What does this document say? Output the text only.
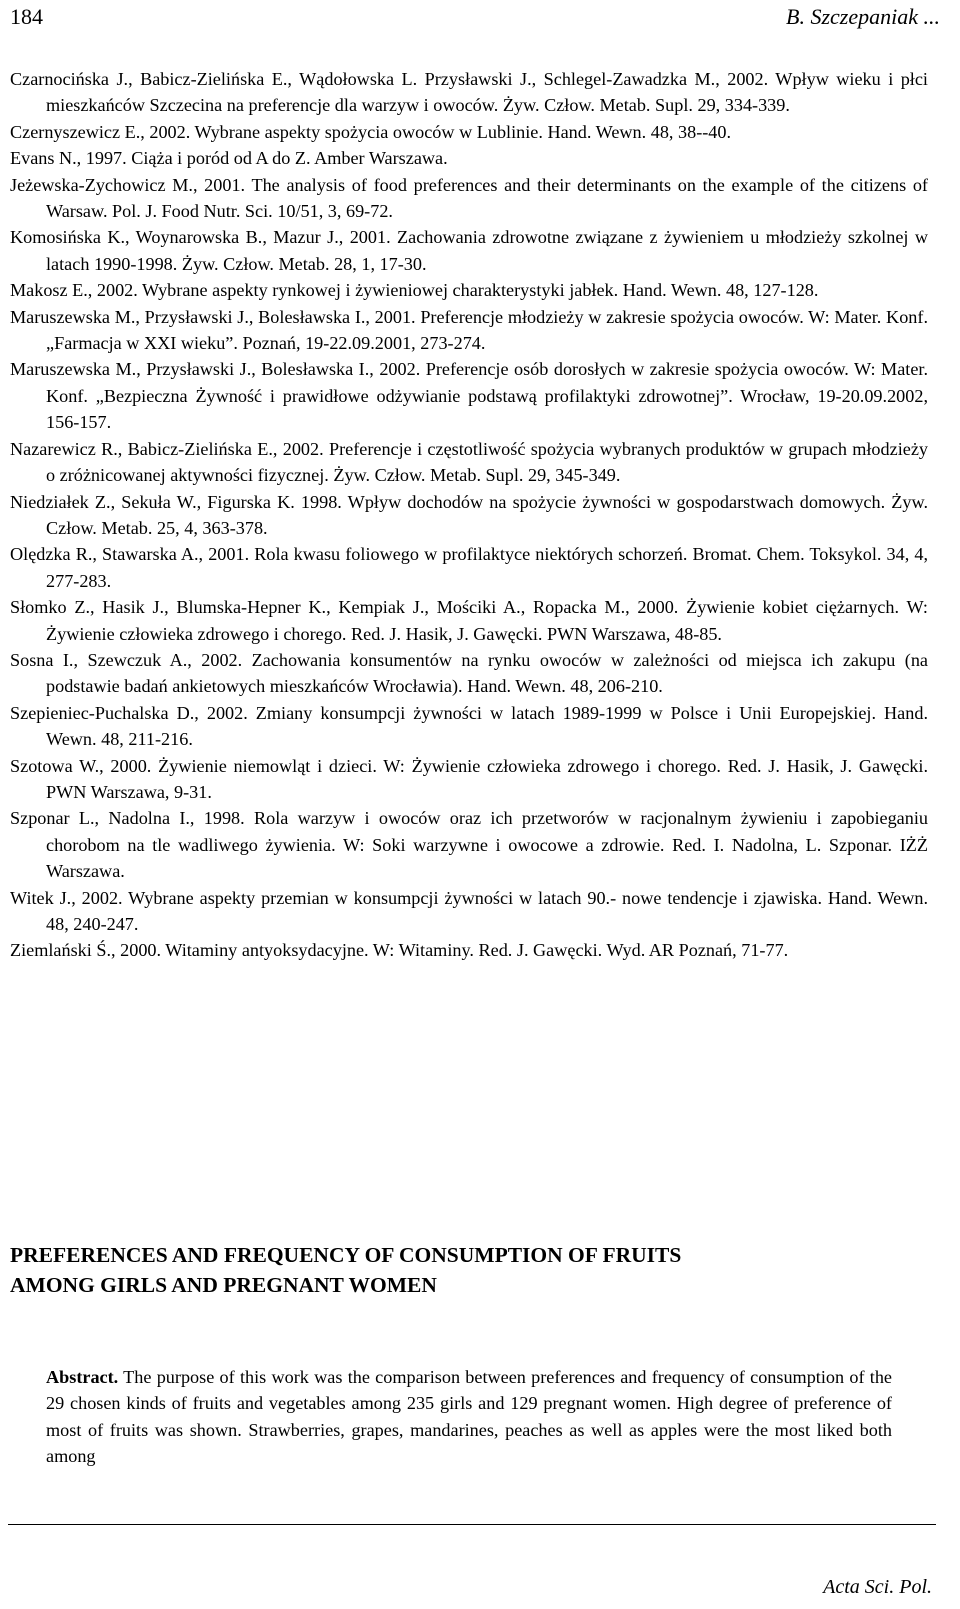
184	B. Szczepaniak ...

Czarnocińska J., Babicz-Zielińska E., Wądołowska L. Przysławski J., Schlegel-Zawadzka M., 2002. Wpływ wieku i płci mieszkańców Szczecina na preferencje dla warzyw i owoców. Żyw. Człow. Metab. Supl. 29, 334-339.

Czernyszewicz E., 2002. Wybrane aspekty spożycia owoców w Lublinie. Hand. Wewn. 48, 38--40.

Evans N., 1997. Ciąża i poród od A do Z. Amber Warszawa.

Jeżewska-Zychowicz M., 2001. The analysis of food preferences and their determinants on the example of the citizens of Warsaw. Pol. J. Food Nutr. Sci. 10/51, 3, 69-72.

Komosińska K., Woynarowska B., Mazur J., 2001. Zachowania zdrowotne związane z żywieniem u młodzieży szkolnej w latach 1990-1998. Żyw. Człow. Metab. 28, 1, 17-30.

Makosz E., 2002. Wybrane aspekty rynkowej i żywieniowej charakterystyki jabłek. Hand. Wewn. 48, 127-128.

Maruszewska M., Przysławski J., Bolesławska I., 2001. Preferencje młodzieży w zakresie spożycia owoców. W: Mater. Konf. „Farmacja w XXI wieku”. Poznań, 19-22.09.2001, 273-274.

Maruszewska M., Przysławski J., Bolesławska I., 2002. Preferencje osób dorosłych w zakresie spożycia owoców. W: Mater. Konf. „Bezpieczna Żywność i prawidłowe odżywianie podstawą profilaktyki zdrowotnej”. Wrocław, 19-20.09.2002, 156-157.

Nazarewicz R., Babicz-Zielińska E., 2002. Preferencje i częstotliwość spożycia wybranych produktów w grupach młodzieży o zróżnicowanej aktywności fizycznej. Żyw. Człow. Metab. Supl. 29, 345-349.

Niedziałek Z., Sekuła W., Figurska K. 1998. Wpływ dochodów na spożycie żywności w gospodarstwach domowych. Żyw. Człow. Metab. 25, 4, 363-378.

Olędzka R., Stawarska A., 2001. Rola kwasu foliowego w profilaktyce niektórych schorzeń. Bromat. Chem. Toksykol. 34, 4, 277-283.

Słomko Z., Hasik J., Blumska-Hepner K., Kempiak J., Mościki A., Ropacka M., 2000. Żywienie kobiet ciężarnych. W: Żywienie człowieka zdrowego i chorego. Red. J. Hasik, J. Gawęcki. PWN Warszawa, 48-85.

Sosna I., Szewczuk A., 2002. Zachowania konsumentów na rynku owoców w zależności od miejsca ich zakupu (na podstawie badań ankietowych mieszkańców Wrocławia). Hand. Wewn. 48, 206-210.

Szepieniec-Puchalska D., 2002. Zmiany konsumpcji żywności w latach 1989-1999 w Polsce i Unii Europejskiej. Hand. Wewn. 48, 211-216.

Szotowa W., 2000. Żywienie niemowląt i dzieci. W: Żywienie człowieka zdrowego i chorego. Red. J. Hasik, J. Gawęcki. PWN Warszawa, 9-31.

Szponar L., Nadolna I., 1998. Rola warzyw i owoców oraz ich przetworów w racjonalnym żywieniu i zapobieganiu chorobom na tle wadliwego żywienia. W: Soki warzywne i owocowe a zdrowie. Red. I. Nadolna, L. Szponar. IŻŻ Warszawa.

Witek J., 2002. Wybrane aspekty przemian w konsumpcji żywności w latach 90.- nowe tendencje i zjawiska. Hand. Wewn. 48, 240-247.

Ziemlański Ś., 2000. Witaminy antyoksydacyjne. W: Witaminy. Red. J. Gawęcki. Wyd. AR Poznań, 71-77.

PREFERENCES AND FREQUENCY OF CONSUMPTION OF FRUITS
AMONG GIRLS AND PREGNANT WOMEN

Abstract. The purpose of this work was the comparison between preferences and frequency of consumption of the 29 chosen kinds of fruits and vegetables among 235 girls and 129 pregnant women. High degree of preference of most of fruits was shown. Strawberries, grapes, mandarines, peaches as well as apples were the most liked both among

Acta Sci. Pol.
